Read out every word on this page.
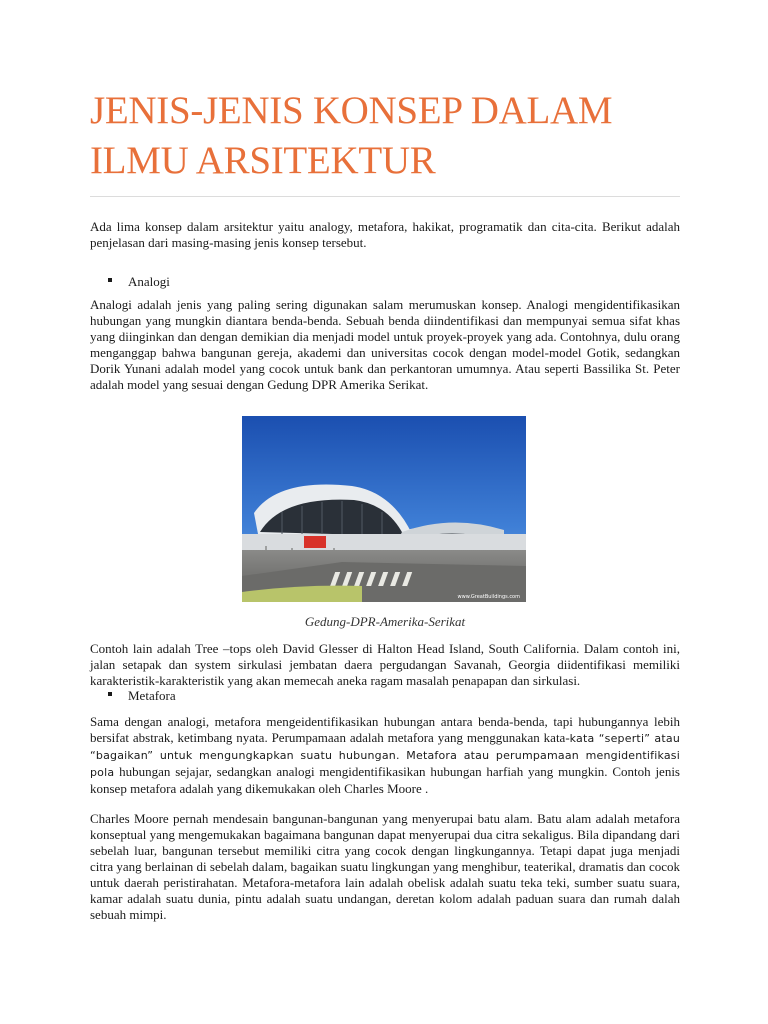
JENIS-JENIS KONSEP DALAM
ILMU ARSITEKTUR

Ada lima konsep dalam arsitektur yaitu analogy, metafora, hakikat, programatik dan cita-cita. Berikut adalah penjelasan dari masing-masing jenis konsep tersebut.

Analogi

Analogi adalah jenis yang paling sering digunakan salam merumuskan konsep. Analogi mengidentifikasikan hubungan yang mungkin diantara benda-benda. Sebuah benda diindentifikasi dan mempunyai semua sifat khas yang diinginkan dan dengan demikian dia menjadi model untuk proyek-proyek yang ada. Contohnya, dulu orang menganggap bahwa bangunan gereja, akademi dan universitas cocok dengan model-model Gotik, sedangkan Dorik Yunani adalah model yang cocok untuk bank dan perkantoran umumnya. Atau seperti Bassilika St. Peter adalah model yang sesuai dengan Gedung DPR Amerika Serikat.

www.GreatBuildings.com
Gedung-DPR-Amerika-Serikat

Contoh lain adalah Tree –tops oleh David Glesser di Halton Head Island, South California. Dalam contoh ini, jalan setapak dan system sirkulasi jembatan daera pergudangan Savanah, Georgia diidentifikasi memiliki karakteristik-karakteristik yang akan memecah aneka ragam masalah penapapan dan sirkulasi.

Metafora

Sama dengan analogi, metafora mengeidentifikasikan hubungan antara benda-benda, tapi hubungannya lebih bersifat abstrak, ketimbang nyata. Perumpamaan adalah metafora yang menggunakan kata-kata “seperti” atau “bagaikan” untuk mengungkapkan suatu hubungan. Metafora atau perumpamaan mengidentifikasi pola hubungan sejajar, sedangkan analogi mengidentifikasikan hubungan harfiah yang mungkin. Contoh jenis konsep metafora adalah yang dikemukakan oleh Charles Moore .

Charles Moore pernah mendesain bangunan-bangunan yang menyerupai batu alam. Batu alam adalah metafora konseptual yang mengemukakan bagaimana bangunan dapat menyerupai dua citra sekaligus. Bila dipandang dari sebelah luar, bangunan tersebut memiliki citra yang cocok dengan lingkungannya. Tetapi dapat juga menjadi citra yang berlainan di sebelah dalam, bagaikan suatu lingkungan yang menghibur, teaterikal, dramatis dan cocok untuk daerah peristirahatan. Metafora-metafora lain adalah obelisk adalah suatu teka teki, sumber suatu suara, kamar adalah suatu dunia, pintu adalah suatu undangan, deretan kolom adalah paduan suara dan rumah dalah sebuah mimpi.
